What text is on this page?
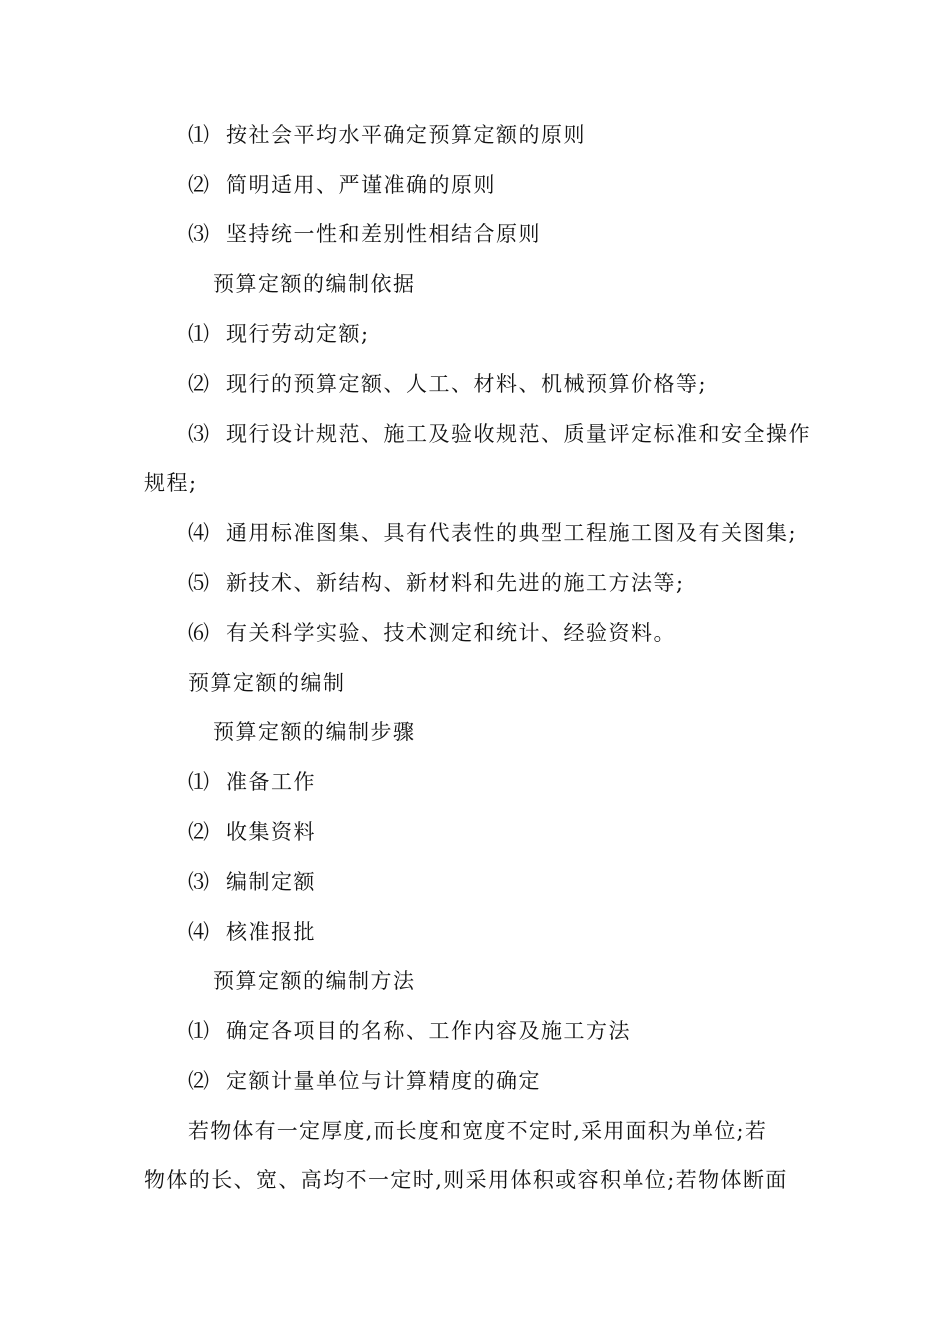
⑴ 按社会平均水平确定预算定额的原则
⑵ 简明适用、严谨准确的原则
⑶ 坚持统一性和差别性相结合原则
预算定额的编制依据
⑴ 现行劳动定额;
⑵ 现行的预算定额、人工、材料、机械预算价格等;
⑶ 现行设计规范、施工及验收规范、质量评定标准和安全操作
规程;
⑷ 通用标准图集、具有代表性的典型工程施工图及有关图集;
⑸ 新技术、新结构、新材料和先进的施工方法等;
⑹ 有关科学实验、技术测定和统计、经验资料。
预算定额的编制
预算定额的编制步骤
⑴ 准备工作
⑵ 收集资料
⑶ 编制定额
⑷ 核准报批
预算定额的编制方法
⑴ 确定各项目的名称、工作内容及施工方法
⑵ 定额计量单位与计算精度的确定
若物体有一定厚度,而长度和宽度不定时,采用面积为单位;若
物体的长、宽、高均不一定时,则采用体积或容积单位;若物体断面
